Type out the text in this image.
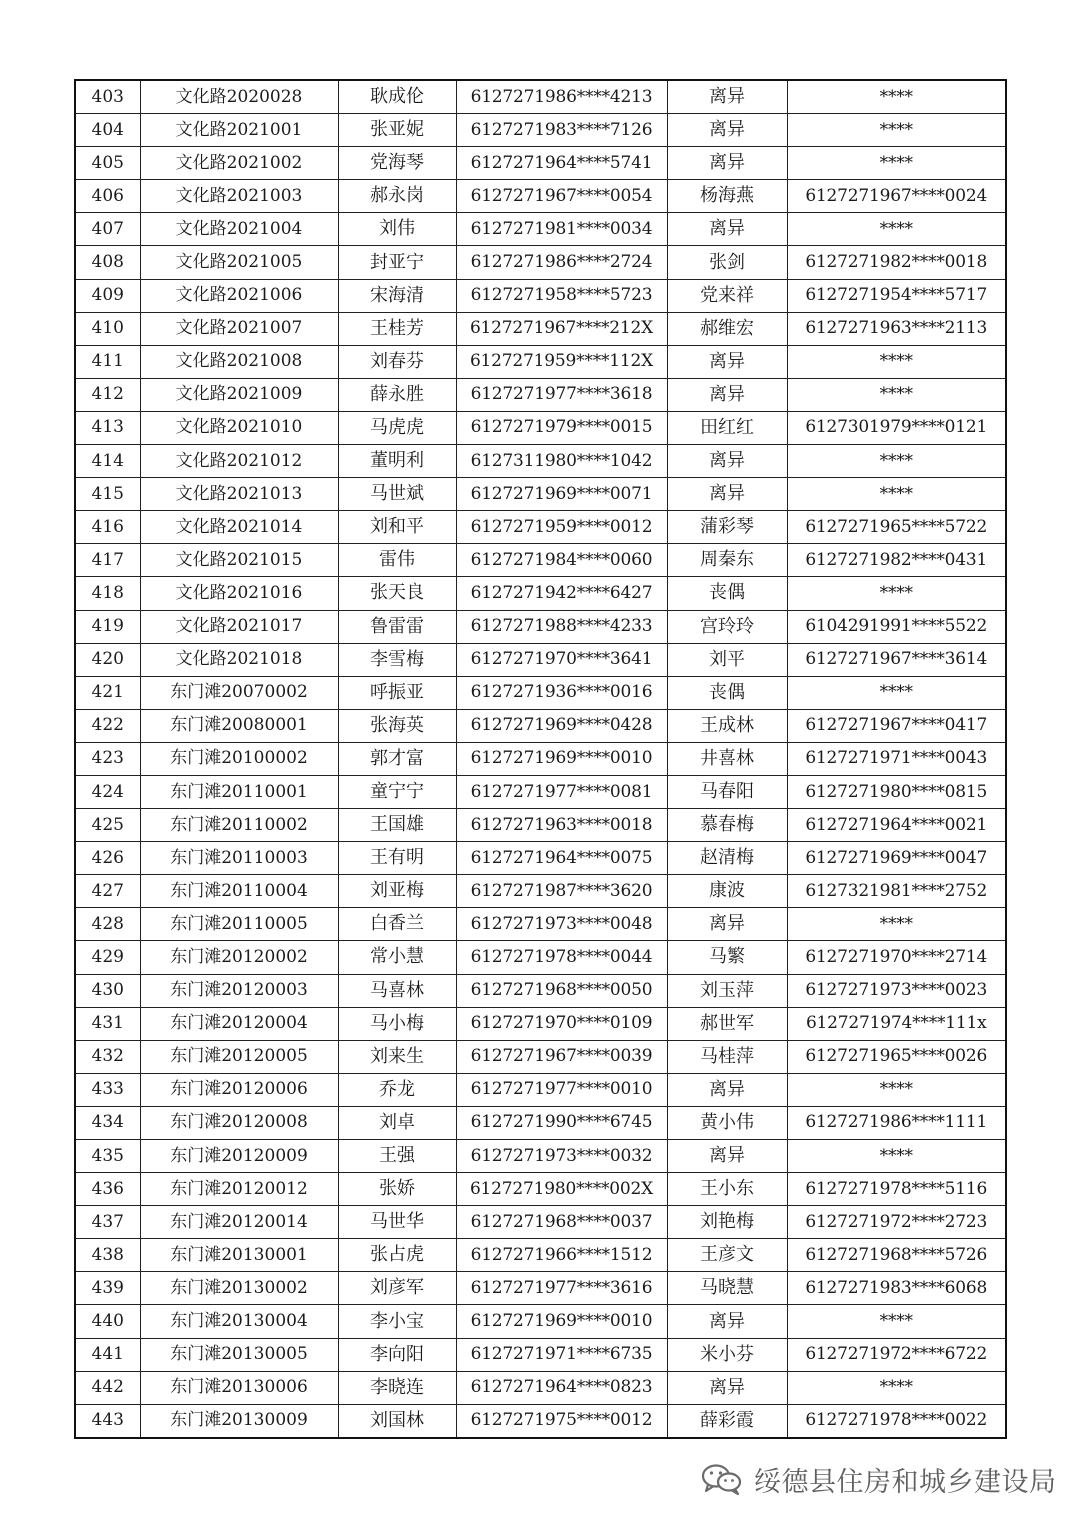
403	文化路2020028	耿成伦	6127271986****4213	离异	****
404	文化路2021001	张亚妮	6127271983****7126	离异	****
405	文化路2021002	党海琴	6127271964****5741	离异	****
406	文化路2021003	郝永岗	6127271967****0054	杨海燕	6127271967****0024
407	文化路2021004	刘伟	6127271981****0034	离异	****
408	文化路2021005	封亚宁	6127271986****2724	张剑	6127271982****0018
409	文化路2021006	宋海清	6127271958****5723	党来祥	6127271954****5717
410	文化路2021007	王桂芳	6127271967****212X	郝维宏	6127271963****2113
411	文化路2021008	刘春芬	6127271959****112X	离异	****
412	文化路2021009	薛永胜	6127271977****3618	离异	****
413	文化路2021010	马虎虎	6127271979****0015	田红红	6127301979****0121
414	文化路2021012	董明利	6127311980****1042	离异	****
415	文化路2021013	马世斌	6127271969****0071	离异	****
416	文化路2021014	刘和平	6127271959****0012	蒲彩琴	6127271965****5722
417	文化路2021015	雷伟	6127271984****0060	周秦东	6127271982****0431
418	文化路2021016	张天良	6127271942****6427	丧偶	****
419	文化路2021017	鲁雷雷	6127271988****4233	宫玲玲	6104291991****5522
420	文化路2021018	李雪梅	6127271970****3641	刘平	6127271967****3614
421	东门滩20070002	呼振亚	6127271936****0016	丧偶	****
422	东门滩20080001	张海英	6127271969****0428	王成林	6127271967****0417
423	东门滩20100002	郭才富	6127271969****0010	井喜林	6127271971****0043
424	东门滩20110001	童宁宁	6127271977****0081	马春阳	6127271980****0815
425	东门滩20110002	王国雄	6127271963****0018	慕春梅	6127271964****0021
426	东门滩20110003	王有明	6127271964****0075	赵清梅	6127271969****0047
427	东门滩20110004	刘亚梅	6127271987****3620	康波	6127321981****2752
428	东门滩20110005	白香兰	6127271973****0048	离异	****
429	东门滩20120002	常小慧	6127271978****0044	马繁	6127271970****2714
430	东门滩20120003	马喜林	6127271968****0050	刘玉萍	6127271973****0023
431	东门滩20120004	马小梅	6127271970****0109	郝世军	6127271974****111x
432	东门滩20120005	刘来生	6127271967****0039	马桂萍	6127271965****0026
433	东门滩20120006	乔龙	6127271977****0010	离异	****
434	东门滩20120008	刘卓	6127271990****6745	黄小伟	6127271986****1111
435	东门滩20120009	王强	6127271973****0032	离异	****
436	东门滩20120012	张娇	6127271980****002X	王小东	6127271978****5116
437	东门滩20120014	马世华	6127271968****0037	刘艳梅	6127271972****2723
438	东门滩20130001	张占虎	6127271966****1512	王彦文	6127271968****5726
439	东门滩20130002	刘彦军	6127271977****3616	马晓慧	6127271983****6068
440	东门滩20130004	李小宝	6127271969****0010	离异	****
441	东门滩20130005	李向阳	6127271971****6735	米小芬	6127271972****6722
442	东门滩20130006	李晓连	6127271964****0823	离异	****
443	东门滩20130009	刘国林	6127271975****0012	薛彩霞	6127271978****0022
绥德县住房和城乡建设局
